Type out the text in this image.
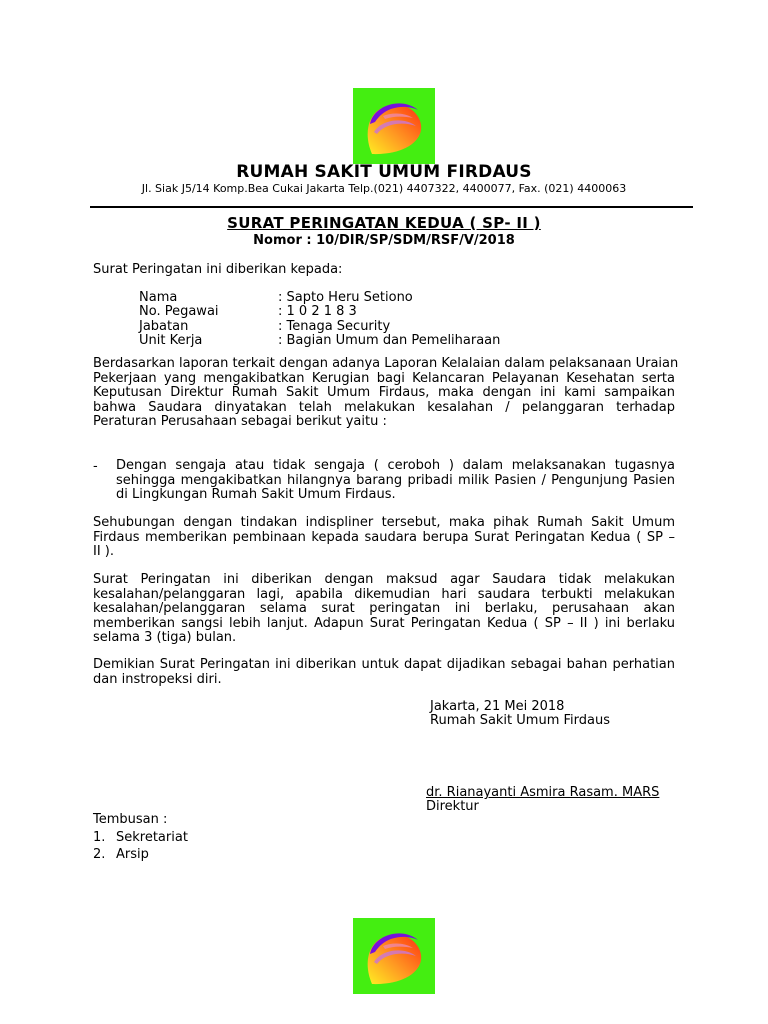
RUMAH SAKIT UMUM FIRDAUS
Jl. Siak J5/14 Komp.Bea Cukai Jakarta Telp.(021) 4407322, 4400077, Fax. (021) 4400063
SURAT PERINGATAN KEDUA ( SP- II )
Nomor : 10/DIR/SP/SDM/RSF/V/2018
Surat Peringatan ini diberikan kepada:
Nama	: Sapto Heru Setiono
No. Pegawai	: 1 0 2 1 8 3
Jabatan	: Tenaga Security
Unit Kerja	: Bagian Umum dan Pemeliharaan
Berdasarkan laporan terkait dengan adanya Laporan Kelalaian dalam pelaksanaan Uraian
Pekerjaan yang mengakibatkan Kerugian bagi Kelancaran Pelayanan Kesehatan serta
Keputusan Direktur Rumah Sakit Umum Firdaus, maka dengan ini kami sampaikan
bahwa Saudara dinyatakan telah melakukan kesalahan / pelanggaran terhadap
Peraturan Perusahaan sebagai berikut yaitu :
- Dengan sengaja atau tidak sengaja ( ceroboh ) dalam melaksanakan tugasnya
sehingga mengakibatkan hilangnya barang pribadi milik Pasien / Pengunjung Pasien
di Lingkungan Rumah Sakit Umum Firdaus.
Sehubungan dengan tindakan indispliner tersebut, maka pihak Rumah Sakit Umum
Firdaus memberikan pembinaan kepada saudara berupa Surat Peringatan Kedua ( SP –
II ).
Surat Peringatan ini diberikan dengan maksud agar Saudara tidak melakukan
kesalahan/pelanggaran lagi, apabila dikemudian hari saudara terbukti melakukan
kesalahan/pelanggaran selama surat peringatan ini berlaku, perusahaan akan
memberikan sangsi lebih lanjut. Adapun Surat Peringatan Kedua ( SP – II ) ini berlaku
selama 3 (tiga) bulan.
Demikian Surat Peringatan ini diberikan untuk dapat dijadikan sebagai bahan perhatian
dan instropeksi diri.
Jakarta, 21 Mei 2018
Rumah Sakit Umum Firdaus
dr. Rianayanti Asmira Rasam. MARS
Direktur
Tembusan :
1. Sekretariat
2. Arsip
